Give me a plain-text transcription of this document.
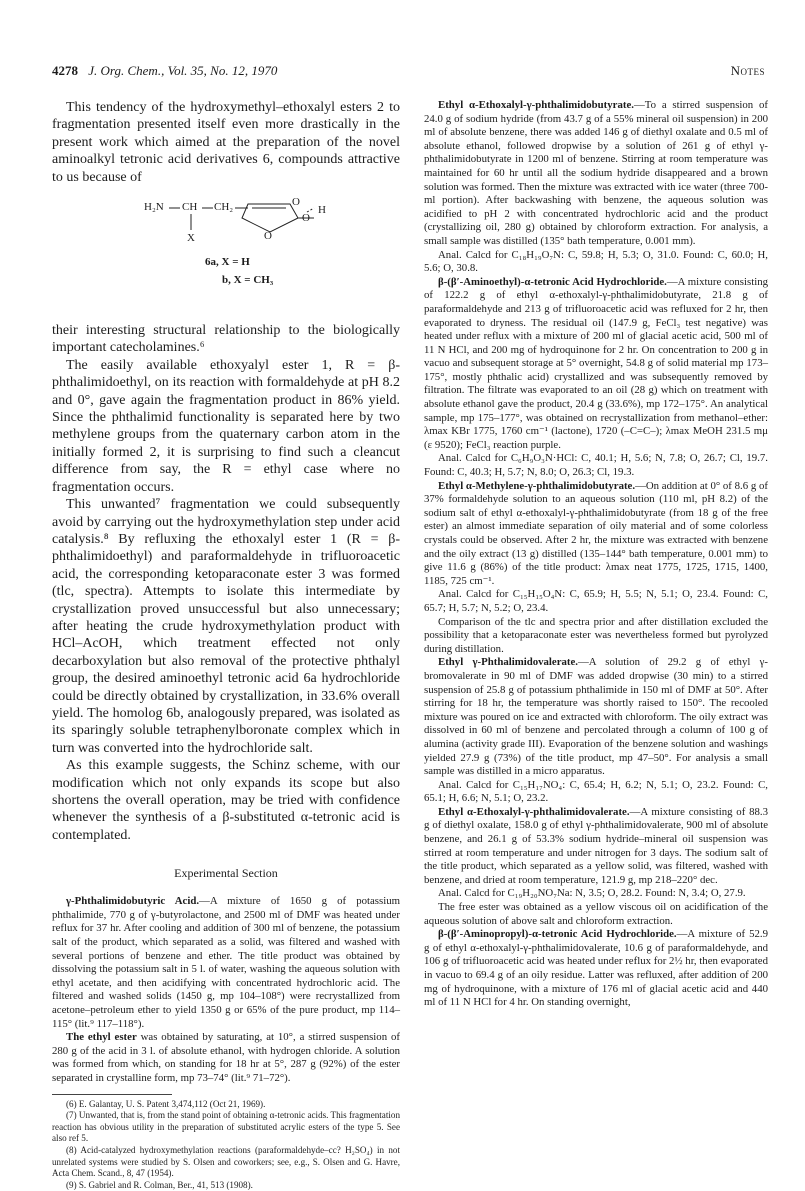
4278 J. Org. Chem., Vol. 35, No. 12, 1970	Notes

This tendency of the hydroxymethyl–ethoxalyl esters 2 to fragmentation presented itself even more drastically in the present work which aimed at the preparation of the novel aminoalkyl tetronic acid derivatives 6, compounds attractive to us because of

H₂N CH CH₂	O
O
H
O
X
6a, X = H
b, X = CH₃

their interesting structural relationship to the biologically important catecholamines.⁶

The easily available ethoxyalyl ester 1, R = β-phthalimidoethyl, on its reaction with formaldehyde at pH 8.2 and 0°, gave again the fragmentation product in 86% yield. Since the phthalimid functionality is separated here by two methylene groups from the quaternary carbon atom in the initially formed 2, it is surprising to find such a cleancut difference from say, the R = ethyl case where no fragmentation occurs.

This unwanted⁷ fragmentation we could subsequently avoid by carrying out the hydroxymethylation step under acid catalysis.⁸ By refluxing the ethoxalyl ester 1 (R = β-phthalimidoethyl) and paraformaldehyde in trifluoroacetic acid, the corresponding ketoparaconate ester 3 was formed (tlc, spectra). Attempts to isolate this intermediate by crystallization proved unsuccessful but also unnecessary; after heating the crude hydroxymethylation product with HCl–AcOH, which treatment effected not only decarboxylation but also removal of the protective phthalyl group, the desired aminoethyl tetronic acid 6a hydrochloride could be directly obtained by crystallization, in 33.6% overall yield. The homolog 6b, analogously prepared, was isolated as its sparingly soluble tetraphenylboronate complex which in turn was converted into the hydrochloride salt.

As this example suggests, the Schinz scheme, with our modification which not only expands its scope but also shortens the overall operation, may be tried with confidence whenever the synthesis of a β-substituted α-tetronic acid is contemplated.

Experimental Section

γ-Phthalimidobutyric Acid.—A mixture of 1650 g of potassium phthalimide, 770 g of γ-butyrolactone, and 2500 ml of DMF was heated under reflux for 37 hr. After cooling and addition of 300 ml of benzene, the potassium salt of the product, which separated as a solid, was filtered and washed with several portions of benzene and ether. The title product was obtained by dissolving the potassium salt in 5 l. of water, washing the aqueous solution with ethyl acetate, and then acidifying with concentrated hydrochloric acid. The filtered and washed solids (1450 g, mp 104–108°) were recrystallized from acetone–petroleum ether to yield 1350 g or 65% of the pure product, mp 114–115° (lit.⁹ 117–118°).

The ethyl ester was obtained by saturating, at 10°, a stirred suspension of 280 g of the acid in 3 l. of absolute ethanol, with hydrogen chloride. A solution was formed from which, on standing for 18 hr at 5°, 287 g (92%) of the ester separated in crystalline form, mp 73–74° (lit.⁹ 71–72°).

(6) E. Galantay, U. S. Patent 3,474,112 (Oct 21, 1969).

(7) Unwanted, that is, from the stand point of obtaining α-tetronic acids. This fragmentation reaction has obvious utility in the preparation of substituted acrylic esters of the type 5. See also ref 5.

(8) Acid-catalyzed hydroxymethylation reactions (paraformaldehyde–cc? H₂SO₄) in not unrelated systems were studied by S. Olsen and coworkers; see, e.g., S. Olsen and G. Havre, Acta Chem. Scand., 8, 47 (1954).

(9) S. Gabriel and R. Colman, Ber., 41, 513 (1908).

Ethyl α-Ethoxalyl-γ-phthalimidobutyrate.—To a stirred suspension of 24.0 g of sodium hydride (from 43.7 g of a 55% mineral oil suspension) in 200 ml of absolute benzene, there was added 146 g of diethyl oxalate and 0.5 ml of absolute ethanol, followed dropwise by a solution of 261 g of ethyl γ-phthalimidobutyrate in 1200 ml of benzene. Stirring at room temperature was maintained for 60 hr until all the sodium hydride disappeared and a brown solution was formed. Then the mixture was extracted with ice water (three 700-ml portion). After backwashing with benzene, the aqueous solution was acidified to pH 2 with concentrated hydrochloric acid and the product (crystallizing oil, 280 g) obtained by chloroform extraction. For analysis, a small sample was distilled (135° bath temperature, 0.001 mm).

Anal. Calcd for C₁₈H₁₉O₇N: C, 59.8; H, 5.3; O, 31.0. Found: C, 60.0; H, 5.6; O, 30.8.

β-(β′-Aminoethyl)-α-tetronic Acid Hydrochloride.—A mixture consisting of 122.2 g of ethyl α-ethoxalyl-γ-phthalimidobutyrate, 21.8 g of paraformaldehyde and 213 g of trifluoroacetic acid was refluxed for 2 hr, then evaporated to dryness. The residual oil (147.9 g, FeCl₃ test negative) was heated under reflux with a mixture of 200 ml of glacial acetic acid, 500 ml of 11 N HCl, and 200 mg of hydroquinone for 2 hr. On concentration to 200 g in vacuo and subsequent storage at 5° overnight, 54.8 g of solid material mp 173–175°, mostly phthalic acid) crystallized and was subsequently removed by filtration. The filtrate was evaporated to an oil (28 g) which on treatment with absolute ethanol gave the product, 20.4 g (33.6%), mp 172–175°. An analytical sample, mp 175–177°, was obtained on recrystallization from methanol–ether: λmax KBr 1775, 1760 cm⁻¹ (lactone), 1720 (–C=C–); λmax MeOH 231.5 mμ (ε 9520); FeCl₃ reaction purple.

Anal. Calcd for C₆H₉O₃N·HCl: C, 40.1; H, 5.6; N, 7.8; O, 26.7; Cl, 19.7. Found: C, 40.3; H, 5.7; N, 8.0; O, 26.3; Cl, 19.3.

Ethyl α-Methylene-γ-phthalimidobutyrate.—On addition at 0° of 8.6 g of 37% formaldehyde solution to an aqueous solution (110 ml, pH 8.2) of the sodium salt of ethyl α-ethoxalyl-γ-phthalimidobutyrate (from 18 g of the free ester) an almost immediate separation of oily material and of some colorless crystals could be observed. After 2 hr, the mixture was extracted with benzene and the oily extract (13 g) distilled (135–144° bath temperature, 0.001 mm) to give 11.6 g (86%) of the title product: λmax neat 1775, 1725, 1715, 1400, 1185, 725 cm⁻¹.

Anal. Calcd for C₁₅H₁₅O₄N: C, 65.9; H, 5.5; N, 5.1; O, 23.4. Found: C, 65.7; H, 5.7; N, 5.2; O, 23.4.

Comparison of the tlc and spectra prior and after distillation excluded the possibility that a ketoparaconate ester was nevertheless formed but pyrolyzed during distillation.

Ethyl γ-Phthalimidovalerate.—A solution of 29.2 g of ethyl γ-bromovalerate in 90 ml of DMF was added dropwise (30 min) to a stirred suspension of 25.8 g of potassium phthalimide in 150 ml of DMF at 50°. After stirring for 18 hr, the temperature was shortly raised to 150°. The recooled mixture was poured on ice and extracted with chloroform. The oily extract was dissolved in 60 ml of benzene and percolated through a column of 100 g of alumina (activity grade III). Evaporation of the benzene solution and washings yielded 27.9 g (73%) of the title product, mp 47–50°. For analysis a small sample was distilled in a micro apparatus.

Anal. Calcd for C₁₅H₁₇NO₄: C, 65.4; H, 6.2; N, 5.1; O, 23.2. Found: C, 65.1; H, 6.6; N, 5.1; O, 23.2.

Ethyl α-Ethoxalyl-γ-phthalimidovalerate.—A mixture consisting of 88.3 g of diethyl oxalate, 158.0 g of ethyl γ-phthalimidovalerate, 900 ml of absolute benzene, and 26.1 g of 53.3% sodium hydride–mineral oil suspension was stirred at room temperature and under nitrogen for 3 days. The sodium salt of the title product, which separated as a yellow solid, was filtered, washed with benzene, and dried at room temperature, 121.9 g, mp 218–220° dec.

Anal. Calcd for C₁₉H₂₀NO₇Na: N, 3.5; O, 28.2. Found: N, 3.4; O, 27.9.

The free ester was obtained as a yellow viscous oil on acidification of the aqueous solution of above salt and chloroform extraction.

β-(β′-Aminopropyl)-α-tetronic Acid Hydrochloride.—A mixture of 52.9 g of ethyl α-ethoxalyl-γ-phthalimidovalerate, 10.6 g of paraformaldehyde, and 106 g of trifluoroacetic acid was heated under reflux for 2½ hr, then evaporated in vacuo to 69.4 g of an oily residue. Latter was refluxed, after addition of 200 mg of hydroquinone, with a mixture of 176 ml of glacial acetic acid and 440 ml of 11 N HCl for 4 hr. On standing overnight,
